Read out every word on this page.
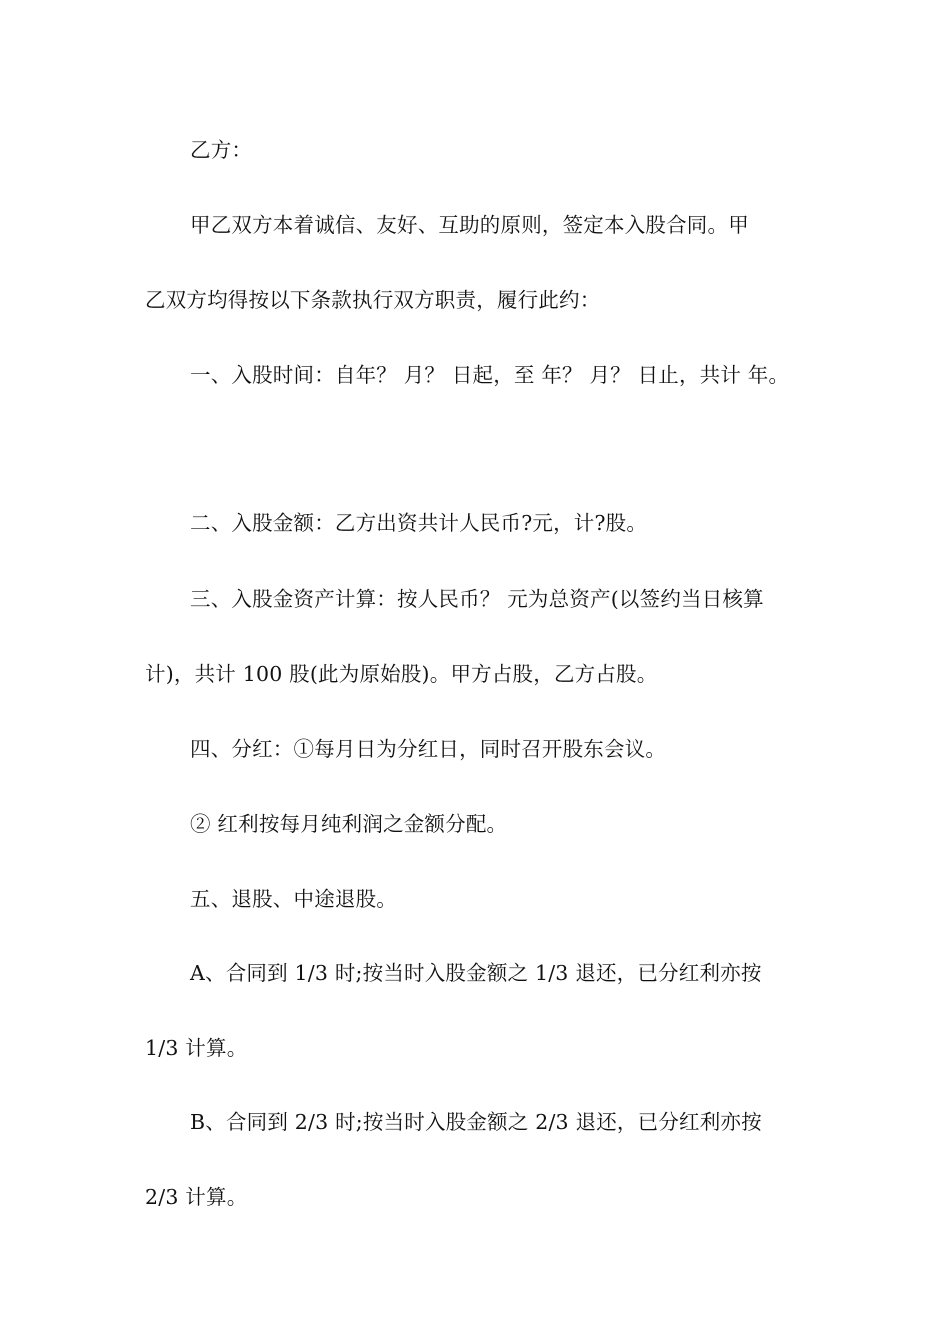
乙方：
甲乙双方本着诚信、友好、互助的原则，签定本入股合同。甲
乙双方均得按以下条款执行双方职责，履行此约：
一、入股时间：自年？ 月？ 日起，至 年？ 月？ 日止，共计 年。
二、入股金额：乙方出资共计人民币?元，计?股。
三、入股金资产计算：按人民币？ 元为总资产(以签约当日核算
计)，共计 100 股(此为原始股)。甲方占股，乙方占股。
四、分红：①每月日为分红日，同时召开股东会议。
② 红利按每月纯利润之金额分配。
五、退股、中途退股。
A、合同到 1/3 时;按当时入股金额之 1/3 退还，已分红利亦按
1/3 计算。
B、合同到 2/3 时;按当时入股金额之 2/3 退还，已分红利亦按
2/3 计算。
